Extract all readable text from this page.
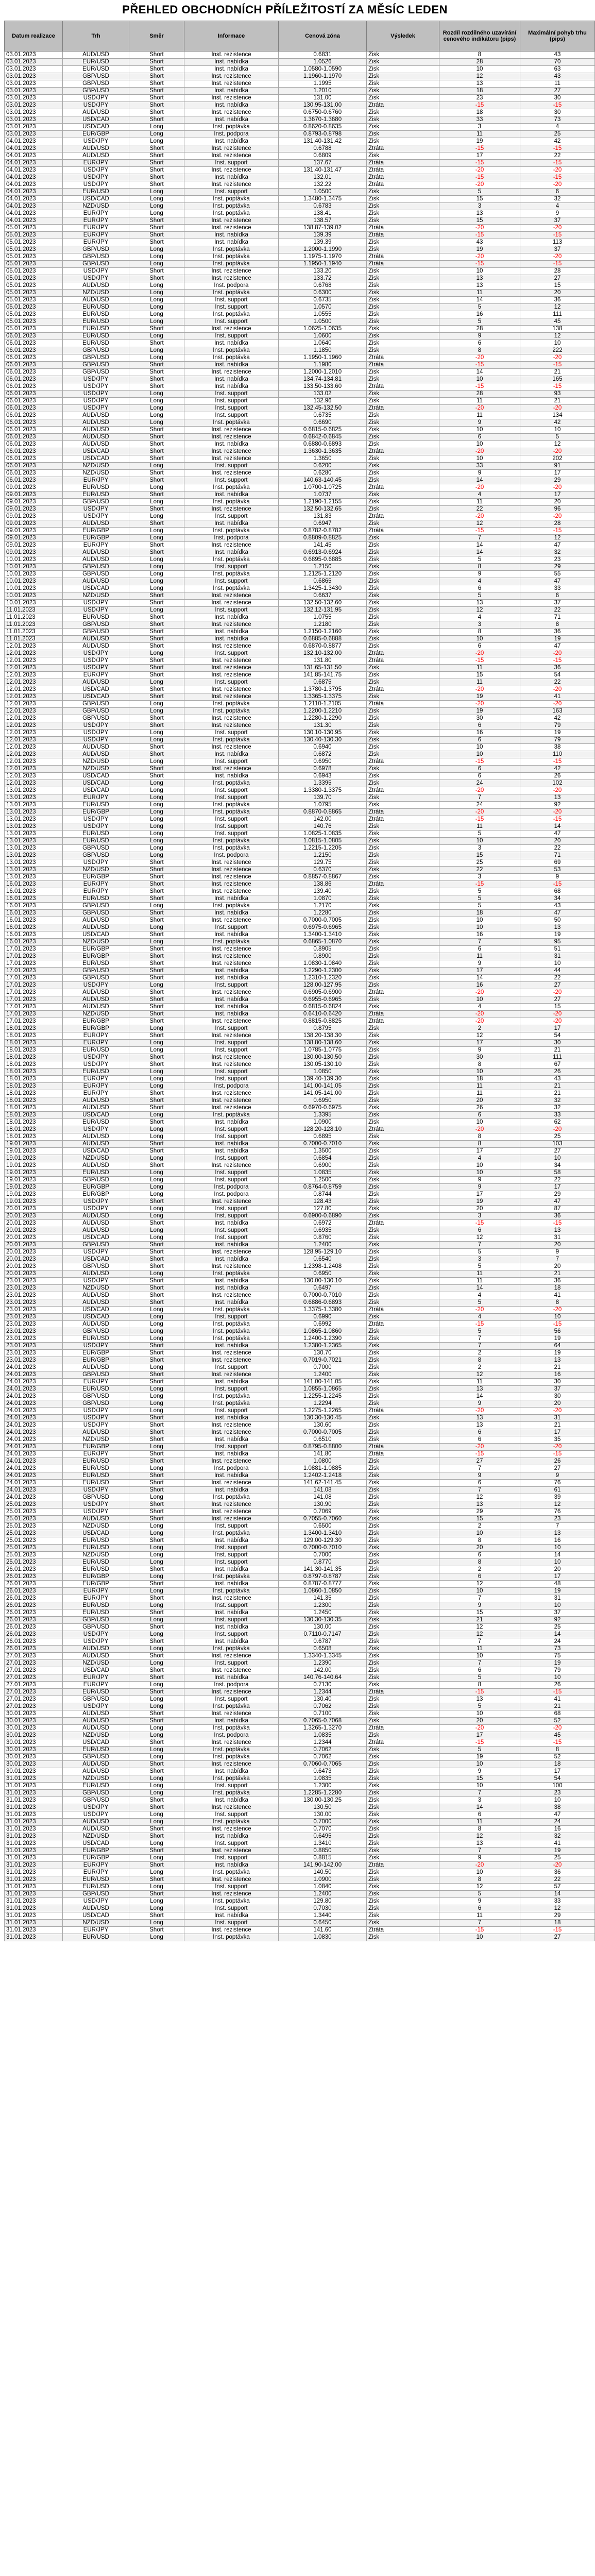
PŘEHLED OBCHODNÍCH PŘÍLEŽITOSTÍ ZA MĚSÍC LEDEN
Datum realizace	Trh	Směr	Informace	Cenová zóna	Výsledek	Rozdíl rozdílného uzavírání cenového indikátoru (pips)	Maximální pohyb trhu (pips)
03.01.2023	AUD/USD	Short	Inst. rezistence	0.6831	Zisk	8	43
03.01.2023	EUR/USD	Short	Inst. nabídka	1.0526	Zisk	28	70
03.01.2023	EUR/USD	Short	Inst. nabídka	1.0580-1.0590	Zisk	10	63
03.01.2023	GBP/USD	Short	Inst. rezistence	1.1960-1.1970	Zisk	12	43
03.01.2023	GBP/USD	Short	Inst. rezistence	1.1995	Zisk	13	11
03.01.2023	GBP/USD	Short	Inst. nabídka	1.2010	Zisk	18	27
03.01.2023	USD/JPY	Short	Inst. rezistence	131.00	Zisk	23	30
03.01.2023	USD/JPY	Short	Inst. nabídka	130.95-131.00	Ztráta	-15	-15
03.01.2023	AUD/USD	Short	Inst. rezistence	0.6750-0.6760	Zisk	18	30
03.01.2023	USD/CAD	Short	Inst. nabídka	1.3670-1.3680	Zisk	33	73
03.01.2023	USD/CAD	Long	Inst. poptávka	0.8620-0.8635	Zisk	3	4
03.01.2023	EUR/GBP	Long	Inst. podpora	0.8793-0.8798	Zisk	11	25
04.01.2023	USD/JPY	Long	Inst. nabídka	131.40-131.42	Zisk	19	42
04.01.2023	AUD/USD	Short	Inst. rezistence	0.6788	Ztráta	-15	-15
04.01.2023	AUD/USD	Short	Inst. rezistence	0.6809	Zisk	17	22
04.01.2023	EUR/JPY	Short	Inst. support	137.67	Ztráta	-15	-15
04.01.2023	USD/JPY	Short	Inst. rezistence	131.40-131.47	Ztráta	-20	-20
04.01.2023	USD/JPY	Short	Inst. nabídka	132.01	Ztráta	-15	-15
04.01.2023	USD/JPY	Short	Inst. rezistence	132.22	Ztráta	-20	-20
04.01.2023	EUR/USD	Long	Inst. support	1.0500	Zisk	5	6
04.01.2023	USD/CAD	Long	Inst. poptávka	1.3480-1.3475	Zisk	15	32
04.01.2023	NZD/USD	Long	Inst. poptávka	0.6783	Zisk	3	4
04.01.2023	EUR/JPY	Long	Inst. poptávka	138.41	Zisk	13	9
04.01.2023	EUR/JPY	Short	Inst. rezistence	138.57	Zisk	15	37
05.01.2023	EUR/JPY	Short	Inst. rezistence	138.87-139.02	Ztráta	-20	-20
05.01.2023	EUR/JPY	Short	Inst. nabídka	139.39	Ztráta	-15	-15
05.01.2023	EUR/JPY	Short	Inst. nabídka	139.39	Zisk	43	113
05.01.2023	GBP/USD	Long	Inst. poptávka	1.2000-1.1990	Zisk	19	37
05.01.2023	GBP/USD	Long	Inst. poptávka	1.1975-1.1970	Ztráta	-20	-20
05.01.2023	GBP/USD	Long	Inst. poptávka	1.1950-1.1940	Ztráta	-15	-15
05.01.2023	USD/JPY	Short	Inst. rezistence	133.20	Zisk	10	28
05.01.2023	USD/JPY	Short	Inst. rezistence	133.72	Zisk	13	27
05.01.2023	AUD/USD	Long	Inst. podpora	0.6768	Zisk	13	15
05.01.2023	NZD/USD	Long	Inst. poptávka	0.6300	Zisk	11	20
05.01.2023	AUD/USD	Long	Inst. support	0.6735	Zisk	14	36
05.01.2023	EUR/USD	Long	Inst. support	1.0570	Zisk	5	12
05.01.2023	EUR/USD	Long	Inst. poptávka	1.0555	Zisk	16	111
05.01.2023	EUR/USD	Long	Inst. support	1.0500	Zisk	5	45
05.01.2023	EUR/USD	Short	Inst. rezistence	1.0625-1.0635	Zisk	28	138
06.01.2023	EUR/USD	Long	Inst. support	1.0600	Zisk	9	12
06.01.2023	EUR/USD	Short	Inst. nabídka	1.0640	Zisk	6	10
06.01.2023	GBP/USD	Long	Inst. poptávka	1.1850	Zisk	8	222
06.01.2023	GBP/USD	Long	Inst. poptávka	1.1950-1.1960	Ztráta	-20	-20
06.01.2023	GBP/USD	Short	Inst. nabídka	1.1980	Ztráta	-15	-15
06.01.2023	GBP/USD	Short	Inst. rezistence	1.2000-1.2010	Zisk	14	21
06.01.2023	USD/JPY	Short	Inst. nabídka	134.74-134.81	Zisk	10	165
06.01.2023	USD/JPY	Short	Inst. nabídka	133.50-133.60	Ztráta	-15	-15
06.01.2023	USD/JPY	Long	Inst. support	133.02	Zisk	28	93
06.01.2023	USD/JPY	Long	Inst. support	132.96	Zisk	11	21
06.01.2023	USD/JPY	Long	Inst. support	132.45-132.50	Ztráta	-20	-20
06.01.2023	AUD/USD	Long	Inst. support	0.6735	Zisk	11	134
06.01.2023	AUD/USD	Long	Inst. poptávka	0.6690	Zisk	9	42
06.01.2023	AUD/USD	Short	Inst. rezistence	0.6815-0.6825	Zisk	10	10
06.01.2023	AUD/USD	Short	Inst. rezistence	0.6842-0.6845	Zisk	6	5
06.01.2023	AUD/USD	Short	Inst. nabídka	0.6880-0.6893	Zisk	10	12
06.01.2023	USD/CAD	Short	Inst. rezistence	1.3630-1.3635	Ztráta	-20	-20
06.01.2023	USD/CAD	Short	Inst. rezistence	1.3650	Zisk	10	202
06.01.2023	NZD/USD	Long	Inst. support	0.6200	Zisk	33	91
06.01.2023	NZD/USD	Short	Inst. rezistence	0.6280	Zisk	9	17
06.01.2023	EUR/JPY	Short	Inst. support	140.63-140.45	Zisk	14	29
09.01.2023	EUR/USD	Long	Inst. poptávka	1.0700-1.0725	Ztráta	-20	-20
09.01.2023	EUR/USD	Short	Inst. nabídka	1.0737	Zisk	4	17
09.01.2023	GBP/USD	Long	Inst. poptávka	1.2190-1.2155	Zisk	11	20
09.01.2023	USD/JPY	Short	Inst. rezistence	132.50-132.65	Zisk	22	96
09.01.2023	USD/JPY	Long	Inst. support	131.83	Ztráta	-20	-20
09.01.2023	AUD/USD	Short	Inst. nabídka	0.6947	Zisk	12	28
09.01.2023	EUR/GBP	Long	Inst. poptávka	0.8782-0.8782	Ztráta	-15	-15
09.01.2023	EUR/GBP	Long	Inst. podpora	0.8809-0.8825	Zisk	7	12
09.01.2023	EUR/JPY	Short	Inst. rezistence	141.45	Zisk	14	47
09.01.2023	AUD/USD	Short	Inst. nabídka	0.6913-0.6924	Zisk	14	32
10.01.2023	AUD/USD	Long	Inst. poptávka	0.6895-0.6885	Zisk	5	23
10.01.2023	GBP/USD	Long	Inst. support	1.2150	Zisk	8	29
10.01.2023	GBP/USD	Long	Inst. poptávka	1.2125-1.2120	Zisk	9	55
10.01.2023	AUD/USD	Long	Inst. support	0.6865	Zisk	4	47
10.01.2023	USD/CAD	Long	Inst. poptávka	1.3425-1.3430	Zisk	6	33
10.01.2023	NZD/USD	Short	Inst. rezistence	0.6637	Zisk	5	6
10.01.2023	USD/JPY	Short	Inst. rezistence	132.50-132.60	Zisk	13	37
11.01.2023	USD/JPY	Long	Inst. support	132.12-131.95	Zisk	12	22
11.01.2023	EUR/USD	Short	Inst. nabídka	1.0755	Zisk	4	71
11.01.2023	GBP/USD	Short	Inst. rezistence	1.2180	Zisk	3	8
11.01.2023	GBP/USD	Short	Inst. nabídka	1.2150-1.2160	Zisk	8	36
11.01.2023	AUD/USD	Short	Inst. nabídka	0.6885-0.6888	Zisk	10	19
12.01.2023	AUD/USD	Short	Inst. rezistence	0.6870-0.8877	Zisk	6	47
12.01.2023	USD/JPY	Long	Inst. support	132.10-132.00	Ztráta	-20	-20
12.01.2023	USD/JPY	Short	Inst. rezistence	131.80	Ztráta	-15	-15
12.01.2023	USD/JPY	Short	Inst. rezistence	131.65-131.50	Zisk	11	36
12.01.2023	EUR/JPY	Short	Inst. rezistence	141.85-141.75	Zisk	15	54
12.01.2023	AUD/USD	Long	Inst. support	0.6875	Zisk	11	22
12.01.2023	USD/CAD	Short	Inst. rezistence	1.3780-1.3795	Ztráta	-20	-20
12.01.2023	USD/CAD	Short	Inst. rezistence	1.3365-1.3375	Zisk	19	41
12.01.2023	GBP/USD	Long	Inst. poptávka	1.2110-1.2105	Ztráta	-20	-20
12.01.2023	GBP/USD	Long	Inst. poptávka	1.2200-1.2210	Zisk	19	163
12.01.2023	GBP/USD	Short	Inst. rezistence	1.2280-1.2290	Zisk	30	42
12.01.2023	USD/JPY	Short	Inst. rezistence	131.30	Zisk	6	79
12.01.2023	USD/JPY	Long	Inst. support	130.10-130.95	Zisk	16	19
12.01.2023	USD/JPY	Long	Inst. poptávka	130.40-130.30	Zisk	6	79
12.01.2023	AUD/USD	Short	Inst. rezistence	0.6940	Zisk	10	38
12.01.2023	AUD/USD	Short	Inst. nabídka	0.6872	Zisk	10	110
12.01.2023	NZD/USD	Long	Inst. support	0.6950	Ztráta	-15	-15
12.01.2023	NZD/USD	Short	Inst. rezistence	0.6978	Zisk	6	42
12.01.2023	USD/CAD	Short	Inst. nabídka	0.6943	Zisk	6	26
12.01.2023	USD/CAD	Long	Inst. poptávka	1.3395	Zisk	24	102
13.01.2023	USD/CAD	Long	Inst. support	1.3380-1.3375	Ztráta	-20	-20
13.01.2023	EUR/JPY	Long	Inst. support	139.70	Zisk	7	13
13.01.2023	EUR/USD	Long	Inst. poptávka	1.0795	Zisk	24	92
13.01.2023	EUR/GBP	Long	Inst. poptávka	0.8870-0.8865	Ztráta	-20	-20
13.01.2023	USD/JPY	Long	Inst. support	142.00	Ztráta	-15	-15
13.01.2023	USD/JPY	Long	Inst. support	140.76	Zisk	11	14
13.01.2023	EUR/USD	Long	Inst. support	1.0825-1.0835	Zisk	5	47
13.01.2023	EUR/USD	Long	Inst. poptávka	1.0815-1.0805	Zisk	10	20
13.01.2023	GBP/USD	Long	Inst. poptávka	1.2215-1.2205	Zisk	3	22
13.01.2023	GBP/USD	Long	Inst. podpora	1.2150	Zisk	15	71
13.01.2023	USD/JPY	Short	Inst. rezistence	129.75	Zisk	25	69
13.01.2023	NZD/USD	Short	Inst. rezistence	0.6370	Zisk	22	53
13.01.2023	EUR/GBP	Short	Inst. rezistence	0.8857-0.8867	Zisk	3	9
16.01.2023	EUR/JPY	Short	Inst. rezistence	138.86	Ztráta	-15	-15
16.01.2023	EUR/JPY	Short	Inst. rezistence	139.40	Zisk	5	68
16.01.2023	EUR/USD	Short	Inst. nabídka	1.0870	Zisk	5	34
16.01.2023	GBP/USD	Long	Inst. poptávka	1.2170	Zisk	5	43
16.01.2023	GBP/USD	Short	Inst. nabídka	1.2280	Zisk	18	47
16.01.2023	AUD/USD	Short	Inst. rezistence	0.7000-0.7005	Zisk	10	50
16.01.2023	AUD/USD	Long	Inst. support	0.6975-0.6965	Zisk	10	13
16.01.2023	USD/CAD	Short	Inst. nabídka	1.3400-1.3410	Zisk	16	19
16.01.2023	NZD/USD	Long	Inst. poptávka	0.6865-1.0870	Zisk	7	95
17.01.2023	EUR/GBP	Short	Inst. rezistence	0.8905	Zisk	6	51
17.01.2023	EUR/GBP	Short	Inst. rezistence	0.8900	Zisk	11	31
17.01.2023	EUR/USD	Short	Inst. rezistence	1.0830-1.0840	Zisk	9	10
17.01.2023	GBP/USD	Short	Inst. nabídka	1.2290-1.2300	Zisk	17	44
17.01.2023	GBP/USD	Short	Inst. nabídka	1.2310-1.2320	Zisk	14	22
17.01.2023	USD/JPY	Long	Inst. support	128.00-127.95	Zisk	16	27
17.01.2023	AUD/USD	Short	Inst. rezistence	0.6905-0.6900	Ztráta	-20	-20
17.01.2023	AUD/USD	Short	Inst. nabídka	0.6955-0.6965	Zisk	10	27
17.01.2023	AUD/USD	Short	Inst. nabídka	0.6815-0.6824	Zisk	4	15
17.01.2023	NZD/USD	Short	Inst. nabídka	0.6410-0.6420	Ztráta	-20	-20
17.01.2023	EUR/GBP	Short	Inst. rezistence	0.8815-0.8825	Ztráta	-20	-20
18.01.2023	EUR/GBP	Long	Inst. support	0.8795	Zisk	2	17
18.01.2023	EUR/JPY	Short	Inst. rezistence	138.20-138.30	Zisk	12	54
18.01.2023	EUR/JPY	Long	Inst. support	138.80-138.60	Zisk	17	30
18.01.2023	EUR/USD	Long	Inst. support	1.0785-1.0775	Zisk	9	21
18.01.2023	USD/JPY	Short	Inst. rezistence	130.00-130.50	Zisk	30	111
18.01.2023	USD/JPY	Short	Inst. rezistence	130.05-130.10	Zisk	8	67
18.01.2023	EUR/USD	Long	Inst. support	1.0850	Zisk	10	26
18.01.2023	EUR/JPY	Long	Inst. support	139.40-139.30	Zisk	18	43
18.01.2023	EUR/JPY	Long	Inst. podpora	141.00-141.05	Zisk	11	21
18.01.2023	EUR/JPY	Short	Inst. rezistence	141.05-141.00	Zisk	11	21
18.01.2023	AUD/USD	Short	Inst. rezistence	0.6950	Zisk	20	32
18.01.2023	AUD/USD	Short	Inst. rezistence	0.6970-0.6975	Zisk	26	32
18.01.2023	USD/CAD	Long	Inst. poptávka	1.3395	Zisk	6	33
18.01.2023	EUR/USD	Short	Inst. nabídka	1.0900	Zisk	10	62
18.01.2023	USD/JPY	Long	Inst. support	128.20-128.10	Ztráta	-20	-20
18.01.2023	AUD/USD	Long	Inst. support	0.6895	Zisk	8	25
19.01.2023	AUD/USD	Short	Inst. nabídka	0.7000-0.7010	Zisk	8	103
19.01.2023	USD/CAD	Short	Inst. nabídka	1.3500	Zisk	17	27
19.01.2023	NZD/USD	Long	Inst. support	0.6854	Zisk	4	10
19.01.2023	AUD/USD	Short	Inst. rezistence	0.6900	Zisk	10	34
19.01.2023	EUR/USD	Long	Inst. support	1.0835	Zisk	10	58
19.01.2023	GBP/USD	Long	Inst. support	1.2500	Zisk	9	22
19.01.2023	EUR/GBP	Long	Inst. podpora	0.8764-0.8759	Zisk	9	17
19.01.2023	EUR/GBP	Long	Inst. podpora	0.8744	Zisk	17	29
19.01.2023	USD/JPY	Short	Inst. rezistence	128.43	Zisk	19	47
20.01.2023	USD/JPY	Long	Inst. support	127.80	Zisk	20	87
20.01.2023	AUD/USD	Long	Inst. support	0.6900-0.6890	Zisk	3	36
20.01.2023	AUD/USD	Short	Inst. nabídka	0.6972	Ztráta	-15	-15
20.01.2023	AUD/USD	Long	Inst. support	0.6935	Zisk	6	13
20.01.2023	USD/CAD	Long	Inst. support	0.8760	Zisk	12	31
20.01.2023	GBP/USD	Short	Inst. nabídka	1.2400	Zisk	7	20
20.01.2023	USD/JPY	Short	Inst. rezistence	128.95-129.10	Zisk	5	9
20.01.2023	USD/CAD	Short	Inst. nabídka	0.6540	Zisk	3	7
20.01.2023	GBP/USD	Short	Inst. rezistence	1.2398-1.2408	Zisk	5	20
20.01.2023	AUD/USD	Long	Inst. poptávka	0.6950	Zisk	11	21
23.01.2023	USD/JPY	Short	Inst. nabídka	130.00-130.10	Zisk	11	36
23.01.2023	NZD/USD	Short	Inst. nabídka	0.6497	Zisk	14	18
23.01.2023	AUD/USD	Short	Inst. rezistence	0.7000-0.7010	Zisk	4	41
23.01.2023	AUD/USD	Short	Inst. nabídka	0.6886-0.6893	Zisk	5	8
23.01.2023	USD/CAD	Long	Inst. poptávka	1.3375-1.3380	Ztráta	-20	-20
23.01.2023	USD/CAD	Long	Inst. support	0.6990	Zisk	4	10
23.01.2023	AUD/USD	Long	Inst. poptávka	0.6992	Ztráta	-15	-15
23.01.2023	GBP/USD	Long	Inst. poptávka	1.0865-1.0860	Zisk	5	56
23.01.2023	EUR/USD	Long	Inst. poptávka	1.2400-1.2390	Zisk	7	19
23.01.2023	USD/JPY	Short	Inst. nabídka	1.2380-1.2365	Zisk	7	64
23.01.2023	EUR/GBP	Short	Inst. rezistence	130.70	Zisk	2	19
23.01.2023	EUR/GBP	Short	Inst. rezistence	0.7019-0.7021	Zisk	8	13
24.01.2023	AUD/USD	Long	Inst. support	0.7000	Zisk	2	21
24.01.2023	GBP/USD	Short	Inst. rezistence	1.2400	Zisk	12	16
24.01.2023	EUR/JPY	Short	Inst. nabídka	141.00-141.05	Zisk	11	30
24.01.2023	EUR/USD	Long	Inst. support	1.0855-1.0865	Zisk	13	37
24.01.2023	GBP/USD	Long	Inst. poptávka	1.2255-1.2245	Zisk	14	30
24.01.2023	GBP/USD	Long	Inst. poptávka	1.2294	Zisk	9	20
24.01.2023	USD/JPY	Long	Inst. support	1.2275-1.2265	Ztráta	-20	-20
24.01.2023	USD/JPY	Short	Inst. nabídka	130.30-130.45	Zisk	13	31
24.01.2023	USD/JPY	Short	Inst. rezistence	130.60	Zisk	13	21
24.01.2023	AUD/USD	Short	Inst. rezistence	0.7000-0.7005	Zisk	6	17
24.01.2023	NZD/USD	Short	Inst. nabídka	0.6510	Zisk	6	35
24.01.2023	EUR/GBP	Long	Inst. support	0.8795-0.8800	Ztráta	-20	-20
24.01.2023	EUR/JPY	Short	Inst. nabídka	141.80	Ztráta	-15	-15
24.01.2023	EUR/USD	Short	Inst. rezistence	1.0800	Zisk	27	26
24.01.2023	EUR/USD	Long	Inst. podpora	1.0881-1.0885	Zisk	7	27
24.01.2023	EUR/USD	Short	Inst. nabídka	1.2402-1.2418	Zisk	9	9
24.01.2023	EUR/USD	Short	Inst. rezistence	141.62-141.45	Zisk	6	76
24.01.2023	USD/JPY	Short	Inst. nabídka	141.08	Zisk	7	61
24.01.2023	GBP/USD	Long	Inst. poptávka	141.08	Zisk	12	39
25.01.2023	USD/JPY	Short	Inst. rezistence	130.90	Zisk	13	12
25.01.2023	USD/JPY	Short	Inst. rezistence	0.7069	Zisk	29	76
25.01.2023	AUD/USD	Short	Inst. rezistence	0.7055-0.7060	Zisk	15	23
25.01.2023	NZD/USD	Long	Inst. support	0.6500	Zisk	2	7
25.01.2023	USD/CAD	Long	Inst. poptávka	1.3400-1.3410	Zisk	10	13
25.01.2023	EUR/USD	Short	Inst. nabídka	129.00-129.30	Zisk	8	16
25.01.2023	EUR/USD	Long	Inst. support	0.7000-0.7010	Zisk	20	10
25.01.2023	NZD/USD	Long	Inst. support	0.7000	Zisk	6	14
25.01.2023	EUR/USD	Long	Inst. support	0.8770	Zisk	8	10
26.01.2023	EUR/USD	Short	Inst. nabídka	141.30-141.35	Zisk	2	20
26.01.2023	EUR/GBP	Long	Inst. poptávka	0.8797-0.8787	Zisk	6	17
26.01.2023	EUR/GBP	Short	Inst. nabídka	0.8787-0.8777	Zisk	12	48
26.01.2023	EUR/JPY	Long	Inst. poptávka	1.0860-1.0850	Zisk	10	19
26.01.2023	EUR/JPY	Short	Inst. rezistence	141.35	Zisk	7	31
26.01.2023	EUR/USD	Long	Inst. support	1.2300	Zisk	9	10
26.01.2023	EUR/USD	Short	Inst. nabídka	1.2450	Zisk	15	37
26.01.2023	GBP/USD	Long	Inst. support	130.30-130.35	Zisk	21	92
26.01.2023	GBP/USD	Short	Inst. nabídka	130.00	Zisk	12	25
26.01.2023	USD/JPY	Long	Inst. support	0.7110-0.7147	Zisk	12	14
26.01.2023	USD/JPY	Short	Inst. nabídka	0.6787	Zisk	7	24
26.01.2023	AUD/USD	Long	Inst. poptávka	0.6508	Zisk	11	73
27.01.2023	AUD/USD	Short	Inst. rezistence	1.3340-1.3345	Zisk	10	75
27.01.2023	NZD/USD	Long	Inst. support	1.2390	Zisk	7	19
27.01.2023	USD/CAD	Short	Inst. rezistence	142.00	Zisk	6	79
27.01.2023	EUR/JPY	Short	Inst. nabídka	140.76-140.64	Zisk	5	10
27.01.2023	EUR/JPY	Long	Inst. podpora	0.7130	Zisk	8	26
27.01.2023	EUR/USD	Short	Inst. rezistence	1.2344	Ztráta	-15	-15
27.01.2023	GBP/USD	Long	Inst. support	130.40	Zisk	13	41
27.01.2023	USD/JPY	Long	Inst. poptávka	0.7062	Zisk	5	21
30.01.2023	AUD/USD	Short	Inst. rezistence	0.7100	Zisk	10	68
30.01.2023	AUD/USD	Short	Inst. nabídka	0.7065-0.7068	Zisk	20	52
30.01.2023	AUD/USD	Long	Inst. poptávka	1.3265-1.3270	Ztráta	-20	-20
30.01.2023	NZD/USD	Long	Inst. podpora	1.0835	Zisk	17	45
30.01.2023	USD/CAD	Short	Inst. rezistence	1.2344	Ztráta	-15	-15
30.01.2023	EUR/USD	Long	Inst. poptávka	0.7062	Zisk	5	8
30.01.2023	GBP/USD	Long	Inst. poptávka	0.7062	Zisk	19	52
30.01.2023	AUD/USD	Short	Inst. rezistence	0.7060-0.7065	Zisk	10	18
30.01.2023	AUD/USD	Short	Inst. nabídka	0.6473	Zisk	9	17
31.01.2023	NZD/USD	Long	Inst. poptávka	1.0835	Zisk	15	54
31.01.2023	EUR/USD	Long	Inst. support	1.2300	Zisk	10	100
31.01.2023	GBP/USD	Long	Inst. poptávka	1.2285-1.2280	Zisk	7	23
31.01.2023	GBP/USD	Short	Inst. nabídka	130.00-130.25	Zisk	3	10
31.01.2023	USD/JPY	Short	Inst. rezistence	130.50	Zisk	14	38
31.01.2023	USD/JPY	Long	Inst. support	130.00	Zisk	6	47
31.01.2023	AUD/USD	Long	Inst. poptávka	0.7000	Zisk	11	24
31.01.2023	AUD/USD	Short	Inst. rezistence	0.7070	Zisk	8	16
31.01.2023	NZD/USD	Short	Inst. nabídka	0.6495	Zisk	12	32
31.01.2023	USD/CAD	Long	Inst. support	1.3410	Zisk	13	41
31.01.2023	EUR/GBP	Short	Inst. rezistence	0.8850	Zisk	7	19
31.01.2023	EUR/GBP	Long	Inst. support	0.8815	Zisk	9	25
31.01.2023	EUR/JPY	Short	Inst. nabídka	141.90-142.00	Ztráta	-20	-20
31.01.2023	EUR/JPY	Long	Inst. poptávka	140.50	Zisk	10	36
31.01.2023	EUR/USD	Short	Inst. rezistence	1.0900	Zisk	8	22
31.01.2023	EUR/USD	Long	Inst. support	1.0840	Zisk	12	57
31.01.2023	GBP/USD	Short	Inst. rezistence	1.2400	Zisk	5	14
31.01.2023	USD/JPY	Long	Inst. poptávka	129.80	Zisk	9	33
31.01.2023	AUD/USD	Long	Inst. support	0.7030	Zisk	6	12
31.01.2023	USD/CAD	Short	Inst. nabídka	1.3440	Zisk	11	29
31.01.2023	NZD/USD	Long	Inst. support	0.6450	Zisk	7	18
31.01.2023	EUR/JPY	Short	Inst. rezistence	141.60	Ztráta	-15	-15
31.01.2023	EUR/USD	Long	Inst. poptávka	1.0830	Zisk	10	27
